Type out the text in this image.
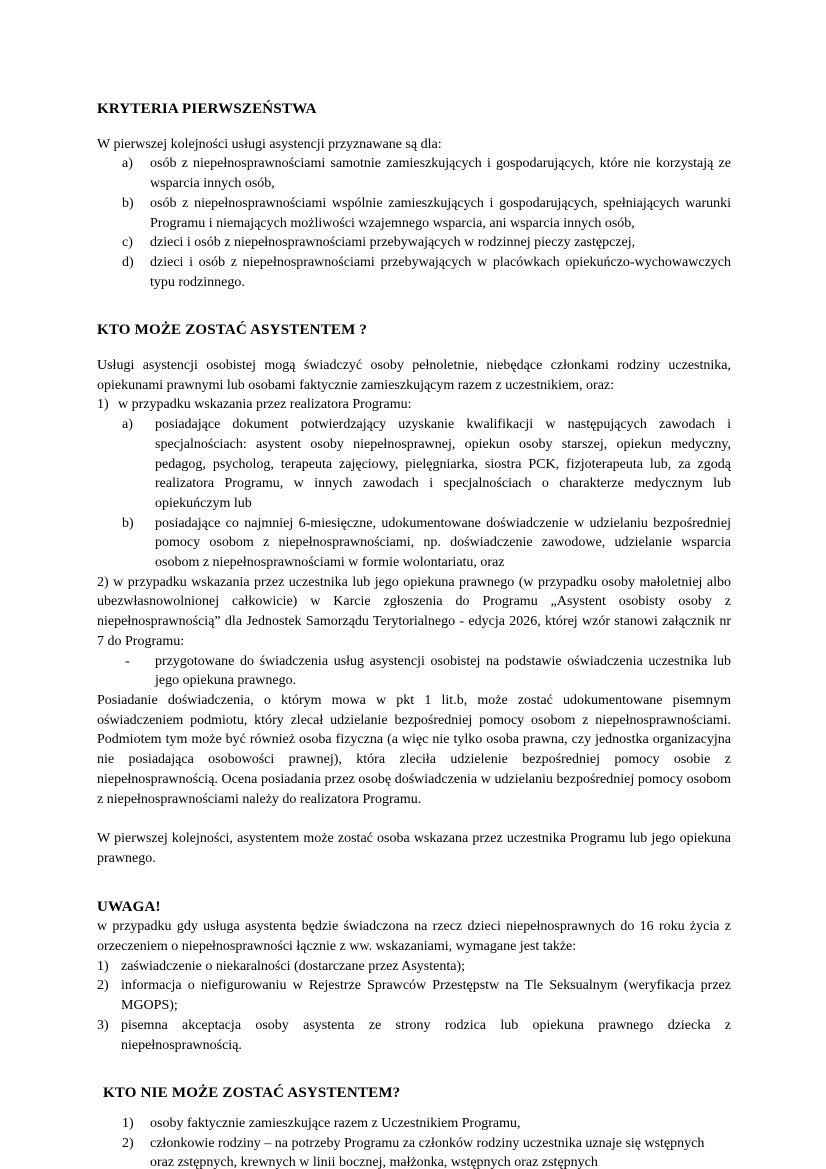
KRYTERIA PIERWSZEŃSTWA

W pierwszej kolejności usługi asystencji przyznawane są dla:

a) osób z niepełnosprawnościami samotnie zamieszkujących i gospodarujących, które nie korzystają ze wsparcia innych osób,
b) osób z niepełnosprawnościami wspólnie zamieszkujących i gospodarujących, spełniających warunki Programu i niemających możliwości wzajemnego wsparcia, ani wsparcia innych osób,
c) dzieci i osób z niepełnosprawnościami przebywających w rodzinnej pieczy zastępczej,
d) dzieci i osób z niepełnosprawnościami przebywających w placówkach opiekuńczo-wychowawczych typu rodzinnego.
KTO MOŻE ZOSTAĆ ASYSTENTEM ?

Usługi asystencji osobistej mogą świadczyć osoby pełnoletnie, niebędące członkami rodziny uczestnika, opiekunami prawnymi lub osobami faktycznie zamieszkującym razem z uczestnikiem, oraz:

1) w przypadku wskazania przez realizatora Programu:
a) posiadające dokument potwierdzający uzyskanie kwalifikacji w następujących zawodach i specjalnościach: asystent osoby niepełnosprawnej, opiekun osoby starszej, opiekun medyczny, pedagog, psycholog, terapeuta zajęciowy, pielęgniarka, siostra PCK, fizjoterapeuta lub, za zgodą realizatora Programu, w innych zawodach i specjalnościach o charakterze medycznym lub opiekuńczym lub
b) posiadające co najmniej 6-miesięczne, udokumentowane doświadczenie w udzielaniu bezpośredniej pomocy osobom z niepełnosprawnościami, np. doświadczenie zawodowe, udzielanie wsparcia osobom z niepełnosprawnościami w formie wolontariatu, oraz

2) w przypadku wskazania przez uczestnika lub jego opiekuna prawnego (w przypadku osoby małoletniej albo ubezwłasnowolnionej całkowicie) w Karcie zgłoszenia do Programu „Asystent osobisty osoby z niepełnosprawnością” dla Jednostek Samorządu Terytorialnego - edycja 2026, której wzór stanowi załącznik nr 7 do Programu:

- przygotowane do świadczenia usług asystencji osobistej na podstawie oświadczenia uczestnika lub jego opiekuna prawnego.

Posiadanie doświadczenia, o którym mowa w pkt 1 lit.b, może zostać udokumentowane pisemnym oświadczeniem podmiotu, który zlecał udzielanie bezpośredniej pomocy osobom z niepełnosprawnościami. Podmiotem tym może być również osoba fizyczna (a więc nie tylko osoba prawna, czy jednostka organizacyjna nie posiadająca osobowości prawnej), która zleciła udzielenie bezpośredniej pomocy osobie z niepełnosprawnością. Ocena posiadania przez osobę doświadczenia w udzielaniu bezpośredniej pomocy osobom z niepełnosprawnościami należy do realizatora Programu.

W pierwszej kolejności, asystentem może zostać osoba wskazana przez uczestnika Programu lub jego opiekuna prawnego.

UWAGA!

w przypadku gdy usługa asystenta będzie świadczona na rzecz dzieci niepełnosprawnych do 16 roku życia z orzeczeniem o niepełnosprawności łącznie z ww. wskazaniami, wymagane jest także:

1) zaświadczenie o niekaralności (dostarczane przez Asystenta);
2) informacja o niefigurowaniu w Rejestrze Sprawców Przestępstw na Tle Seksualnym (weryfikacja przez MGOPS);
3) pisemna akceptacja osoby asystenta ze strony rodzica lub opiekuna prawnego dziecka z niepełnosprawnością.
KTO NIE MOŻE ZOSTAĆ ASYSTENTEM?
1) osoby faktycznie zamieszkujące razem z Uczestnikiem Programu,
2) członkowie rodziny – na potrzeby Programu za członków rodziny uczestnika uznaje się wstępnych oraz zstępnych, krewnych w linii bocznej, małżonka, wstępnych oraz zstępnych
